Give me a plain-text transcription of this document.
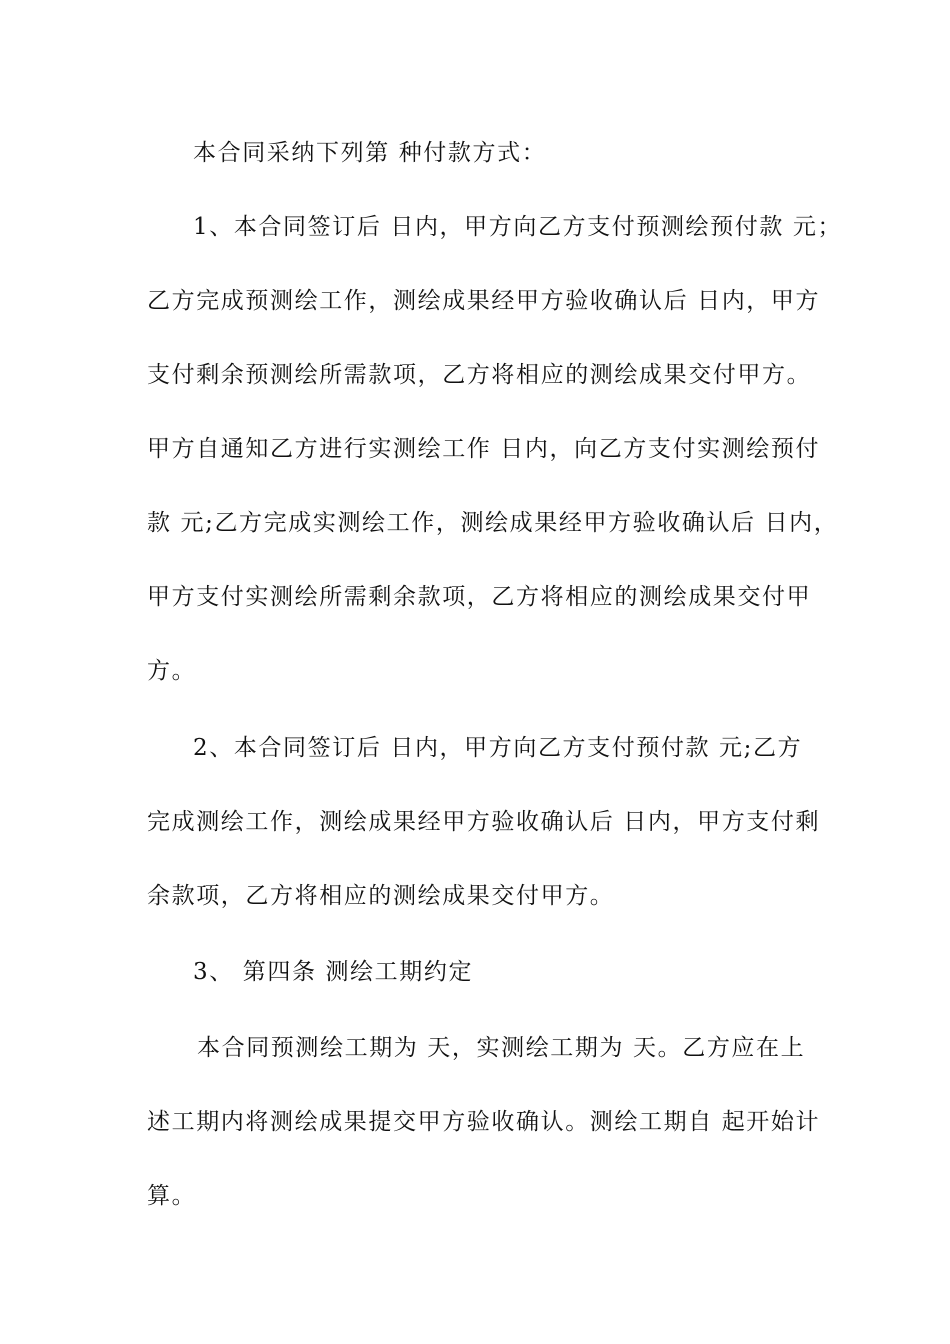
本合同采纳下列第 种付款方式：

1、本合同签订后 日内，甲方向乙方支付预测绘预付款 元；

乙方完成预测绘工作，测绘成果经甲方验收确认后 日内，甲方

支付剩余预测绘所需款项，乙方将相应的测绘成果交付甲方。

甲方自通知乙方进行实测绘工作 日内，向乙方支付实测绘预付

款 元;乙方完成实测绘工作，测绘成果经甲方验收确认后 日内，

甲方支付实测绘所需剩余款项，乙方将相应的测绘成果交付甲

方。

2、本合同签订后 日内，甲方向乙方支付预付款 元;乙方

完成测绘工作，测绘成果经甲方验收确认后 日内，甲方支付剩

余款项，乙方将相应的测绘成果交付甲方。

3、 第四条 测绘工期约定

本合同预测绘工期为 天，实测绘工期为 天。乙方应在上

述工期内将测绘成果提交甲方验收确认。测绘工期自 起开始计

算。
